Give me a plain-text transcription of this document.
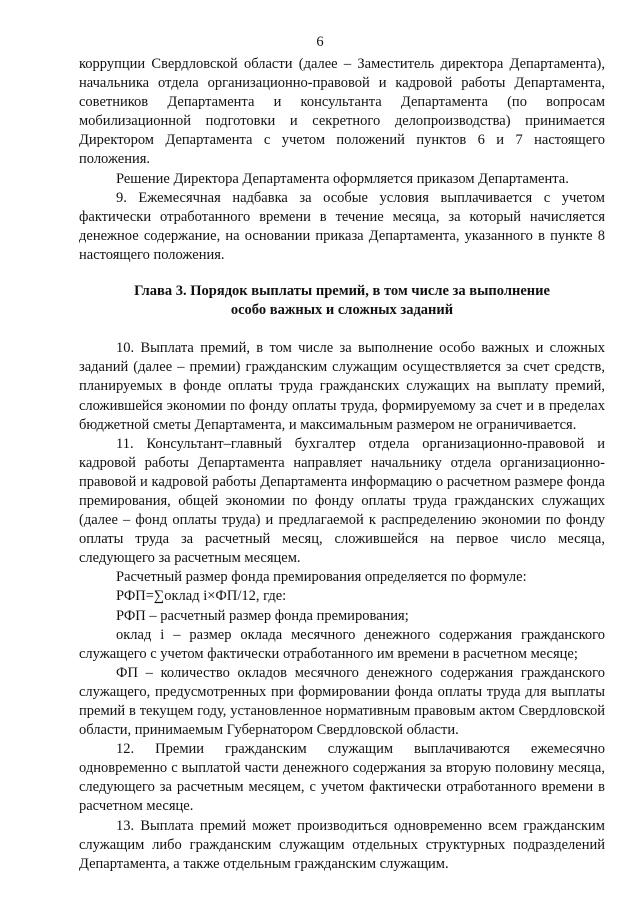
6

коррупции Свердловской области (далее – Заместитель директора Департамента), начальника отдела организационно-правовой и кадровой работы Департамента, советников Департамента и консультанта Департамента (по вопросам мобилизационной подготовки и секретного делопроизводства) принимается Директором Департамента с учетом положений пунктов 6 и 7 настоящего положения.

Решение Директора Департамента оформляется приказом Департамента.

9. Ежемесячная надбавка за особые условия выплачивается с учетом фактически отработанного времени в течение месяца, за который начисляется денежное содержание, на основании приказа Департамента, указанного в пункте 8 настоящего положения.

Глава 3. Порядок выплаты премий, в том числе за выполнение
особо важных и сложных заданий

10. Выплата премий, в том числе за выполнение особо важных и сложных заданий (далее – премии) гражданским служащим осуществляется за счет средств, планируемых в фонде оплаты труда гражданских служащих на выплату премий, сложившейся экономии по фонду оплаты труда, формируемому за счет и в пределах бюджетной сметы Департамента, и максимальным размером не ограничивается.

11. Консультант–главный бухгалтер отдела организационно-правовой и кадровой работы Департамента направляет начальнику отдела организационно-правовой и кадровой работы Департамента информацию о расчетном размере фонда премирования, общей экономии по фонду оплаты труда гражданских служащих (далее – фонд оплаты труда) и предлагаемой к распределению экономии по фонду оплаты труда за расчетный месяц, сложившейся на первое число месяца, следующего за расчетным месяцем.

Расчетный размер фонда премирования определяется по формуле:

РФП=∑оклад i×ФП/12, где:

РФП – расчетный размер фонда премирования;

оклад i – размер оклада месячного денежного содержания гражданского служащего с учетом фактически отработанного им времени в расчетном месяце;

ФП – количество окладов месячного денежного содержания гражданского служащего, предусмотренных при формировании фонда оплаты труда для выплаты премий в текущем году, установленное нормативным правовым актом Свердловской области, принимаемым Губернатором Свердловской области.

12. Премии гражданским служащим выплачиваются ежемесячно одновременно с выплатой части денежного содержания за вторую половину месяца, следующего за расчетным месяцем, с учетом фактически отработанного времени в расчетном месяце.

13. Выплата премий может производиться одновременно всем гражданским служащим либо гражданским служащим отдельных структурных подразделений Департамента, а также отдельным гражданским служащим.
